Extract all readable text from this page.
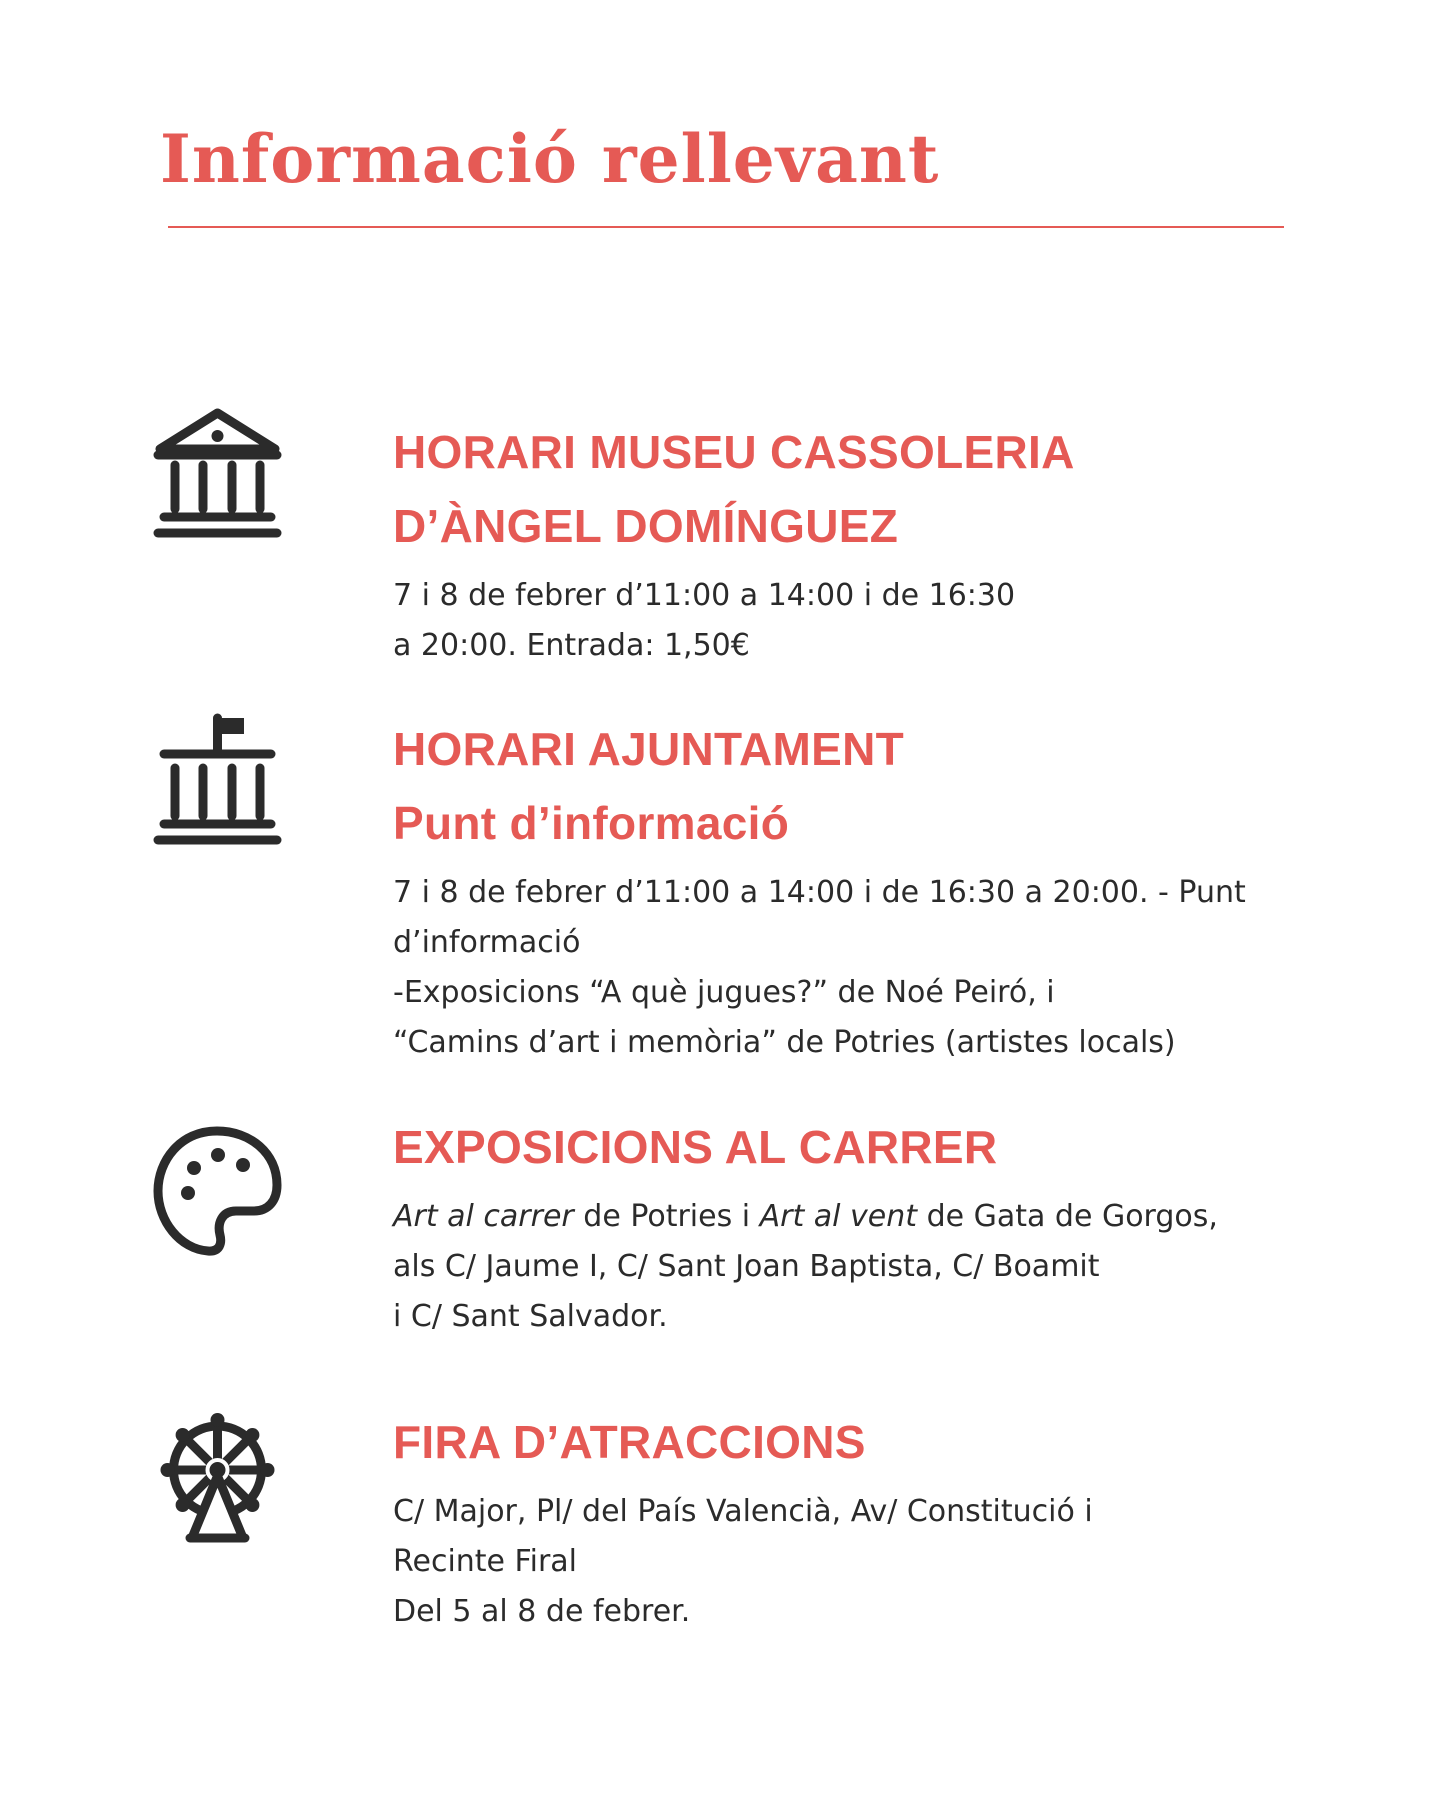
Informació rellevant
HORARI MUSEU CASSOLERIA
D’ÀNGEL DOMÍNGUEZ

7 i 8 de febrer d’11:00 a 14:00 i de 16:30
a 20:00. Entrada: 1,50€

HORARI AJUNTAMENT
Punt d’informació

7 i 8 de febrer d’11:00 a 14:00 i de 16:30 a 20:00. - Punt
d’informació
-Exposicions “A què jugues?” de Noé Peiró, i
“Camins d’art i memòria” de Potries (artistes locals)

EXPOSICIONS AL CARRER

Art al carrer de Potries i Art al vent de Gata de Gorgos,
als C/ Jaume I, C/ Sant Joan Baptista, C/ Boamit
i C/ Sant Salvador.

FIRA D’ATRACCIONS

C/ Major, Pl/ del País Valencià, Av/ Constitució i
Recinte Firal
Del 5 al 8 de febrer.
